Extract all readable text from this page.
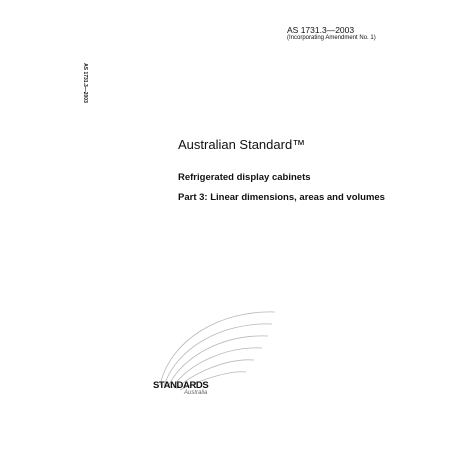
AS 1731.3—2003
(Incorporating Amendment No. 1)
AS 1731.3—2003
Australian Standard™
Refrigerated display cabinets
Part 3: Linear dimensions, areas and volumes
STANDARDS
Australia
